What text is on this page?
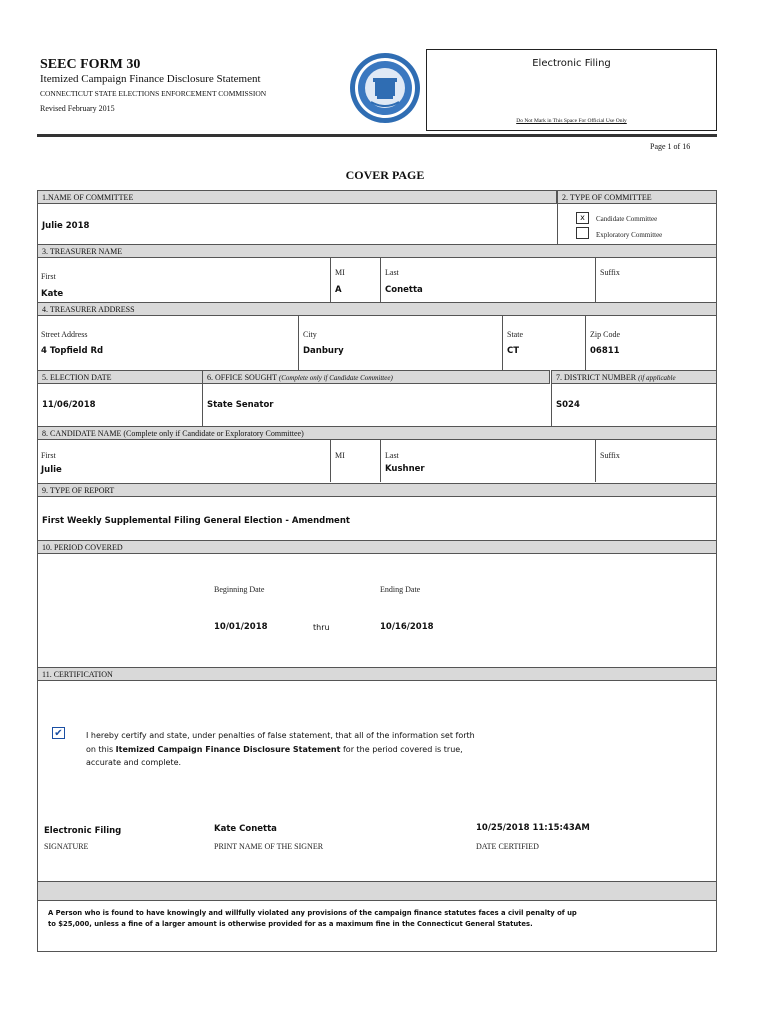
SEEC FORM 30
Itemized Campaign Finance Disclosure Statement
CONNECTICUT STATE ELECTIONS ENFORCEMENT COMMISSION
Revised February 2015
Electronic Filing
Do Not Mark in This Space For Official Use Only
Page 1 of 16
COVER PAGE
1.NAME OF COMMITTEE	2. TYPE OF COMMITTEE
Julie 2018
x	Candidate Committee
Exploratory Committee
3. TREASURER NAME
First
Kate
MI
A
Last
Conetta
Suffix
4. TREASURER ADDRESS
Street Address
4 Topfield Rd
City
Danbury
State
CT
Zip Code
06811
5. ELECTION DATE	6. OFFICE SOUGHT (Complete only if Candidate Committee)	7. DISTRICT NUMBER (if applicable
11/06/2018	State Senator	S024
8. CANDIDATE NAME (Complete only if Candidate or Exploratory Committee)
First
Julie
MI	Last
Kushner
Suffix
9. TYPE OF REPORT
First Weekly Supplemental Filing General Election - Amendment
10. PERIOD COVERED
Beginning Date	Ending Date
10/01/2018	thru	10/16/2018
11. CERTIFICATION
✔	I hereby certify and state, under penalties of false statement, that all of the information set forth
on this Itemized Campaign Finance Disclosure Statement for the period covered is true,
accurate and complete.
Electronic Filing
SIGNATURE
Kate Conetta
PRINT NAME OF THE SIGNER
10/25/2018 11:15:43AM
DATE CERTIFIED
A Person who is found to have knowingly and willfully violated any provisions of the campaign finance statutes faces a civil penalty of up
to $25,000, unless a fine of a larger amount is otherwise provided for as a maximum fine in the Connecticut General Statutes.
